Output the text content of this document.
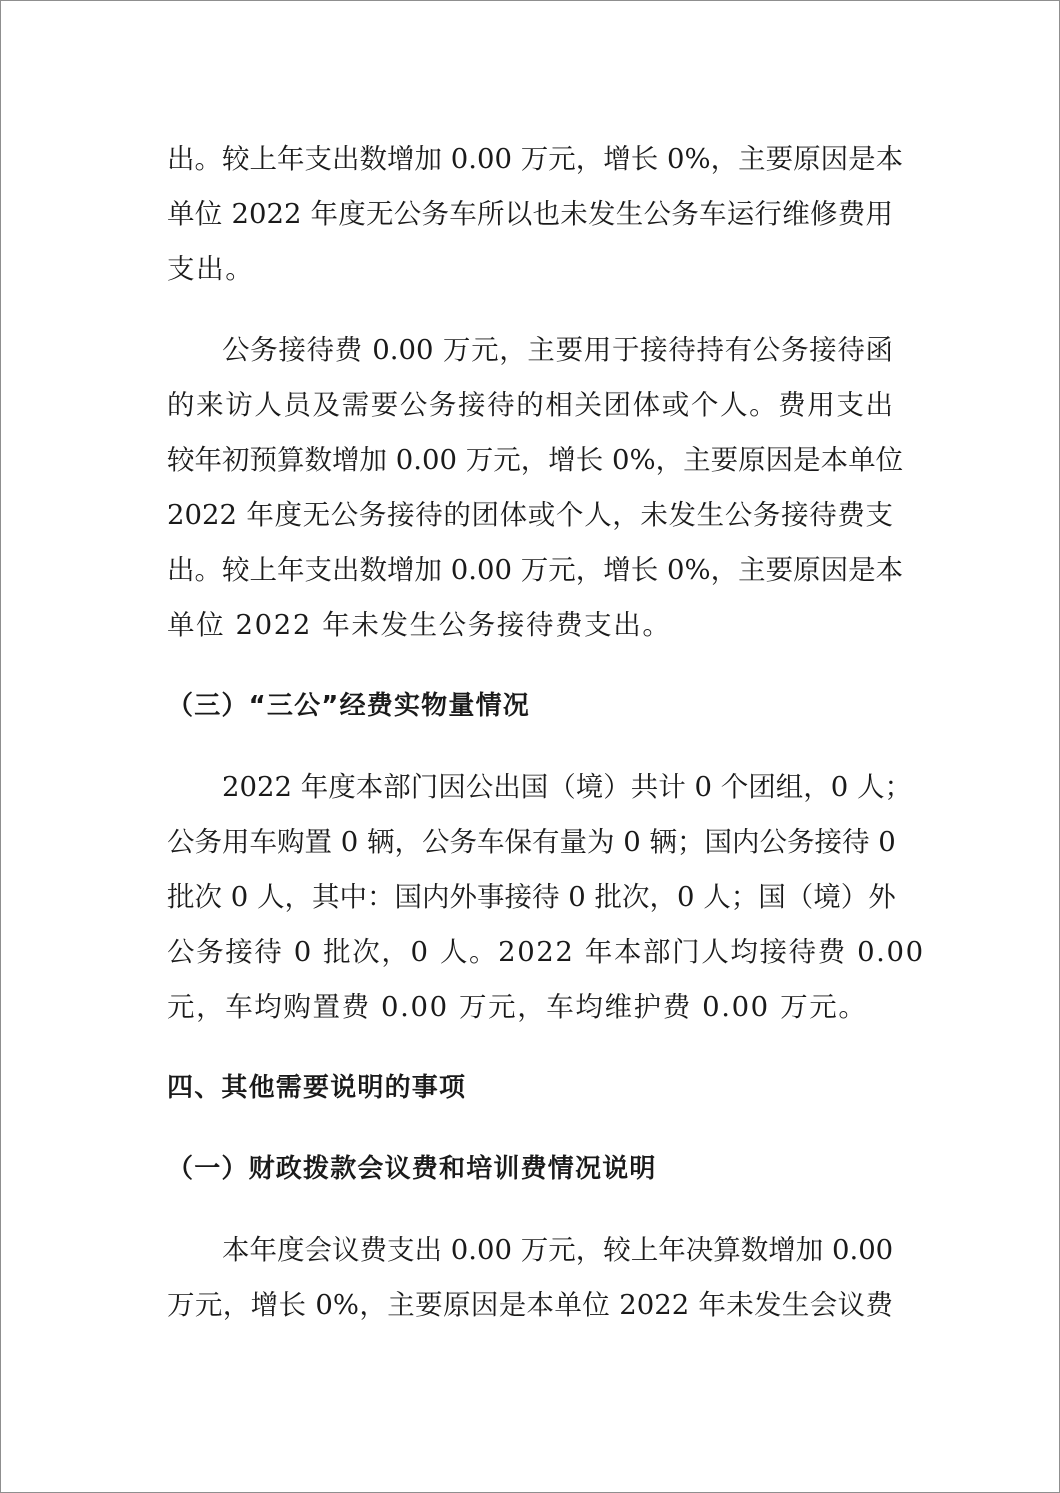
出。较上年支出数增加 0.00 万元，增长 0%，主要原因是本
单位 2022 年度无公务车所以也未发生公务车运行维修费用
支出。
公务接待费 0.00 万元，主要用于接待持有公务接待函
的来访人员及需要公务接待的相关团体或个人。费用支出
较年初预算数增加 0.00 万元，增长 0%，主要原因是本单位
2022 年度无公务接待的团体或个人，未发生公务接待费支
出。较上年支出数增加 0.00 万元，增长 0%，主要原因是本
单位 2022 年未发生公务接待费支出。
（三）“三公”经费实物量情况
2022 年度本部门因公出国（境）共计 0 个团组，0 人；
公务用车购置 0 辆，公务车保有量为 0 辆；国内公务接待 0
批次 0 人，其中：国内外事接待 0 批次，0 人；国（境）外
公务接待 0 批次，0 人。2022 年本部门人均接待费 0.00
元，车均购置费 0.00 万元，车均维护费 0.00 万元。
四、其他需要说明的事项
（一）财政拨款会议费和培训费情况说明
本年度会议费支出 0.00 万元，较上年决算数增加 0.00
万元，增长 0%，主要原因是本单位 2022 年未发生会议费
